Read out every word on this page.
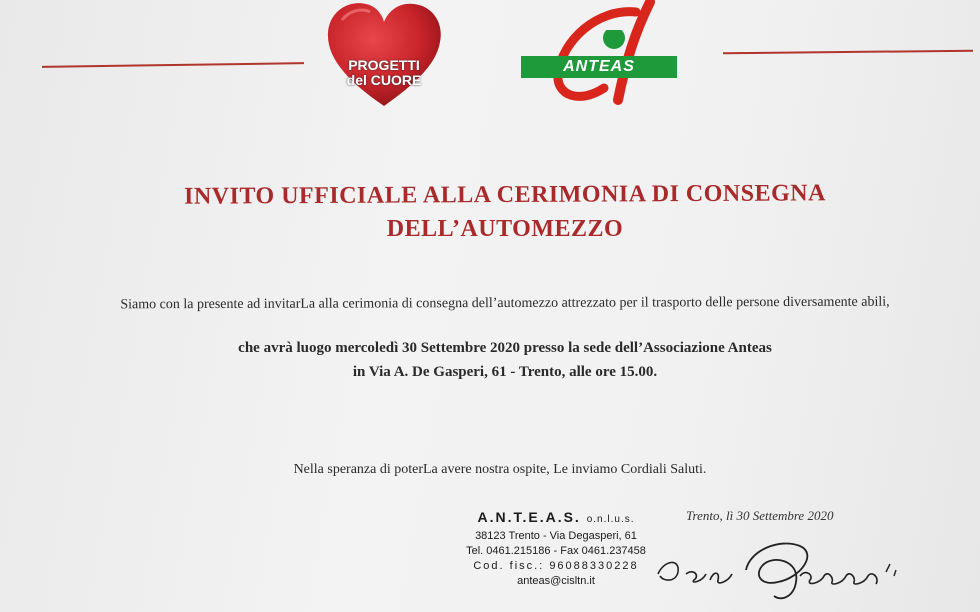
PROGETTI
del CUORE
ANTEAS
INVITO UFFICIALE ALLA CERIMONIA DI CONSEGNA
DELL’AUTOMEZZO
Siamo con la presente ad invitarLa alla cerimonia di consegna dell’automezzo attrezzato per il trasporto delle persone diversamente abili,
che avrà luogo mercoledì 30 Settembre 2020 presso la sede dell’Associazione Anteas
in Via A. De Gasperi, 61 - Trento, alle ore 15.00.
Nella speranza di poterLa avere nostra ospite, Le inviamo Cordiali Saluti.
Trento, lì 30 Settembre 2020
A.N.T.E.A.S. o.n.l.u.s.
38123 Trento - Via Degasperi, 61
Tel. 0461.215186 - Fax 0461.237458
Cod. fisc.: 96088330228
anteas@cisltn.it
